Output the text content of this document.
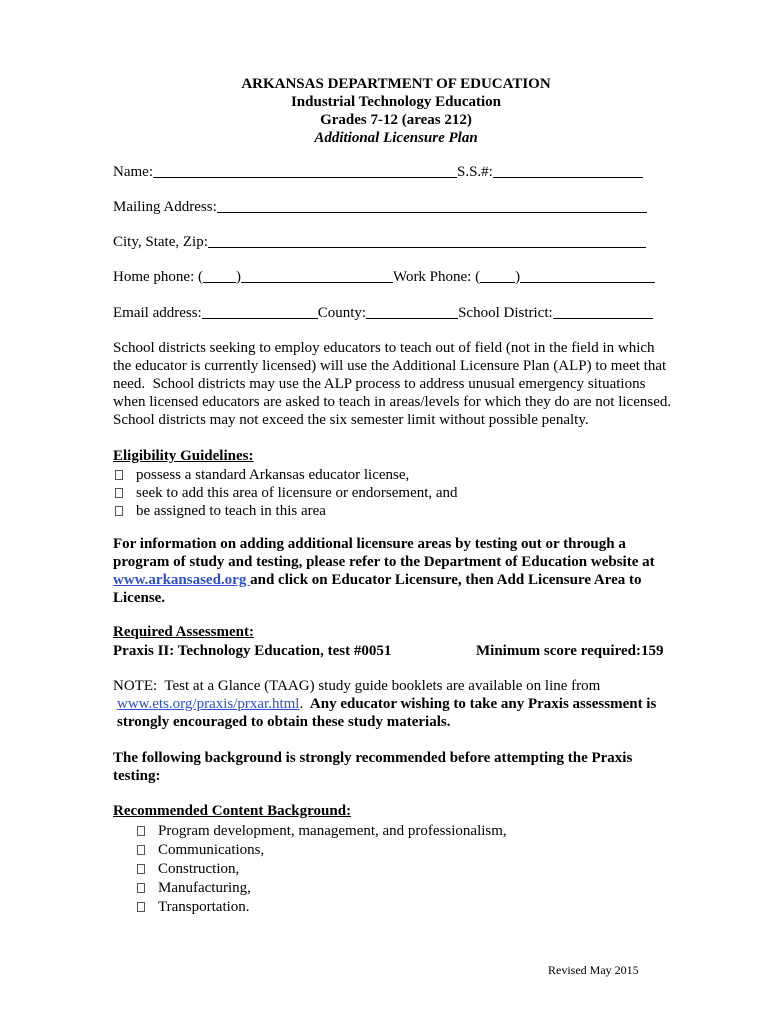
ARKANSAS DEPARTMENT OF EDUCATION
Industrial Technology Education
Grades 7-12 (areas 212)
Additional Licensure Plan
Name:	S.S.#:
Mailing Address:
City, State, Zip:
Home phone: ( )	Work Phone: ( )
Email address:	County:	School District:
School districts seeking to employ educators to teach out of field (not in the field in which
the educator is currently licensed) will use the Additional Licensure Plan (ALP) to meet that
need.  School districts may use the ALP process to address unusual emergency situations
when licensed educators are asked to teach in areas/levels for which they do are not licensed.
School districts may not exceed the six semester limit without possible penalty.
Eligibility Guidelines:
possess a standard Arkansas educator license,
seek to add this area of licensure or endorsement, and
be assigned to teach in this area
For information on adding additional licensure areas by testing out or through a
program of study and testing, please refer to the Department of Education website at
www.arkansased.org and click on Educator Licensure, then Add Licensure Area to
License.
Required Assessment:
Praxis II: Technology Education, test #0051	Minimum score required:159
NOTE:  Test at a Glance (TAAG) study guide booklets are available on line from
www.ets.org/praxis/prxar.html . Any educator wishing to take any Praxis assessment is
strongly encouraged to obtain these study materials.
The following background is strongly recommended before attempting the Praxis
testing:
Recommended Content Background:
Program development, management, and professionalism,
Communications,
Construction,
Manufacturing,
Transportation.
Revised May 2015
